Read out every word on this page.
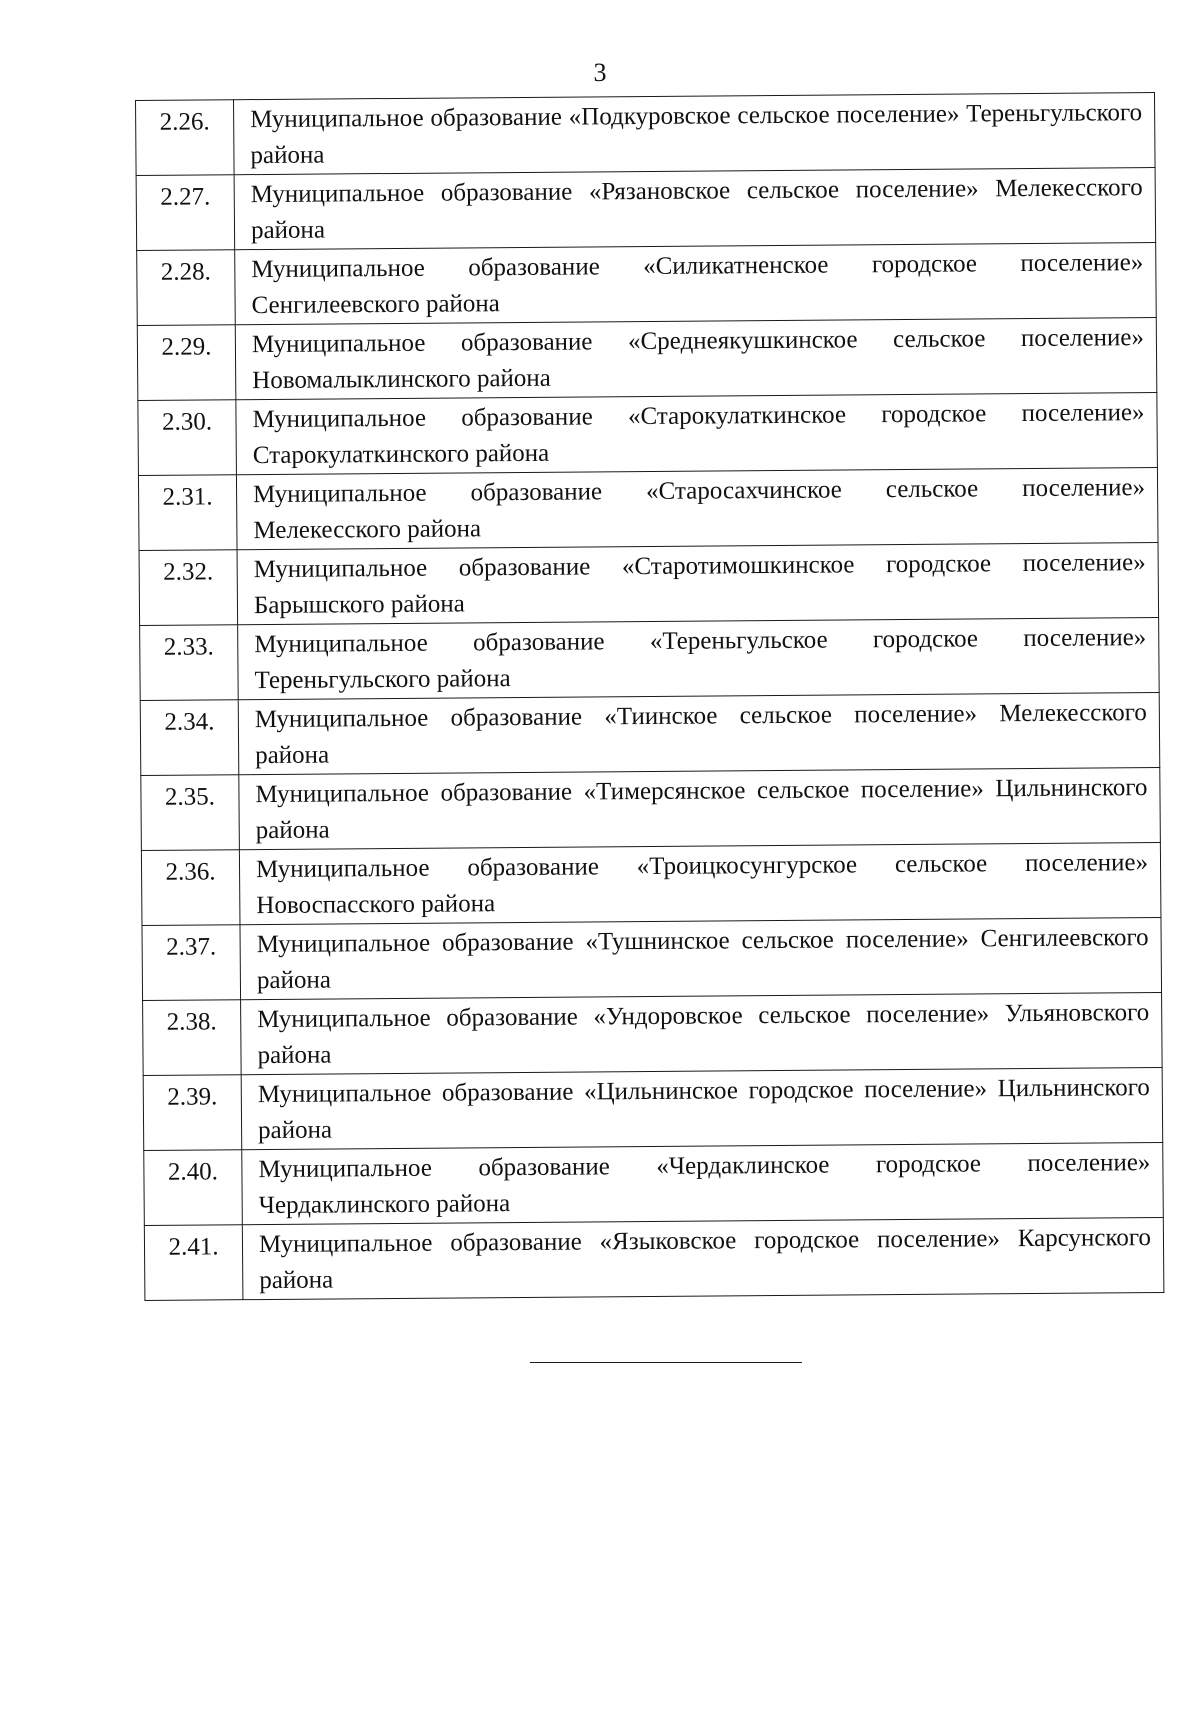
3
2.26.	Муниципальное образование «Подкуровское сельское поселение» Тереньгульского района
2.27.	Муниципальное образование «Рязановское сельское поселение» Мелекесского района
2.28.	Муниципальное образование «Силикатненское городское поселение» Сенгилеевского района
2.29.	Муниципальное образование «Среднеякушкинское сельское поселение» Новомалыклинского района
2.30.	Муниципальное образование «Старокулаткинское городское поселение» Старокулаткинского района
2.31.	Муниципальное образование «Старосахчинское сельское поселение» Мелекесского района
2.32.	Муниципальное образование «Старотимошкинское городское поселение» Барышского района
2.33.	Муниципальное образование «Тереньгульское городское поселение» Тереньгульского района
2.34.	Муниципальное образование «Тиинское сельское поселение» Мелекесского района
2.35.	Муниципальное образование «Тимерсянское сельское поселение» Цильнинского района
2.36.	Муниципальное образование «Троицкосунгурское сельское поселение» Новоспасского района
2.37.	Муниципальное образование «Тушнинское сельское поселение» Сенгилеевского района
2.38.	Муниципальное образование «Ундоровское сельское поселение» Ульяновского района
2.39.	Муниципальное образование «Цильнинское городское поселение» Цильнинского района
2.40.	Муниципальное образование «Чердаклинское городское поселение» Чердаклинского района
2.41.	Муниципальное образование «Языковское городское поселение» Карсунского района
